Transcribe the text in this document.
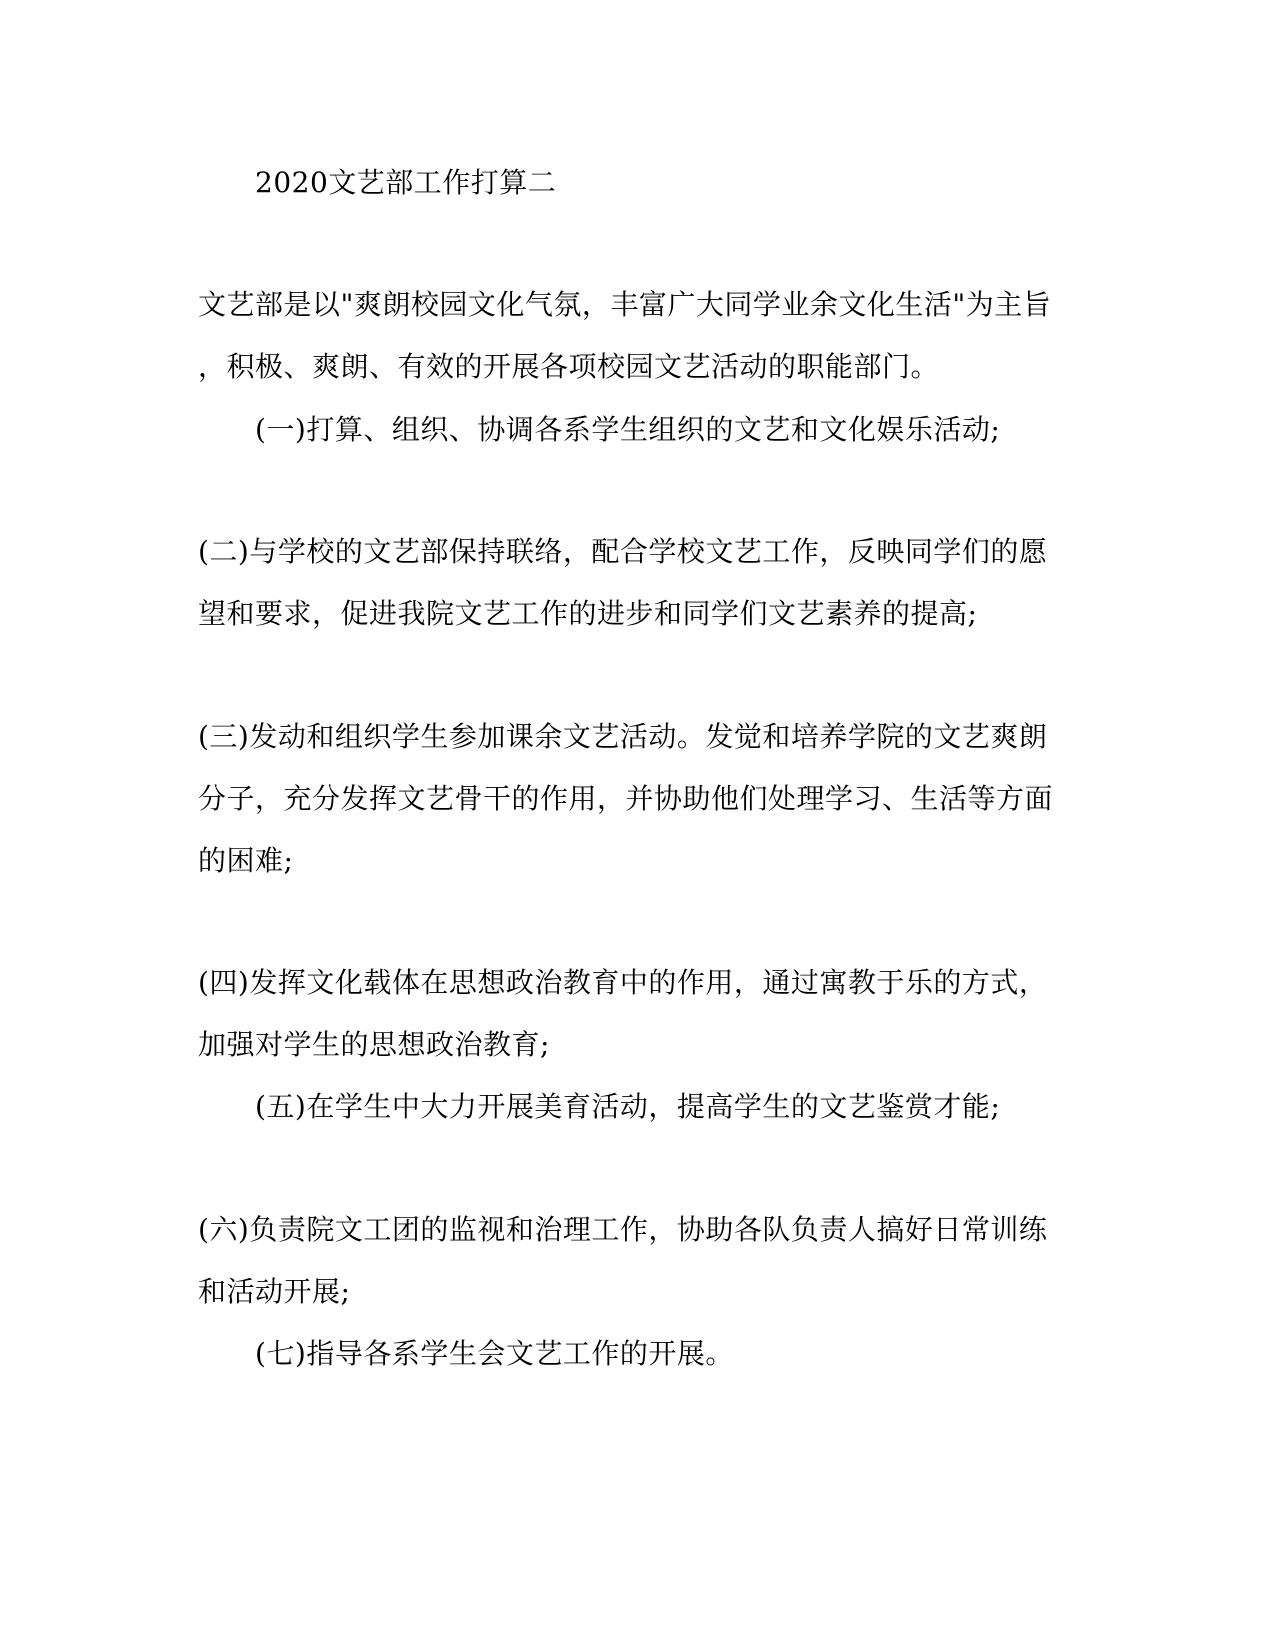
2020文艺部工作打算二
文艺部是以"爽朗校园文化气氛，丰富广大同学业余文化生活"为主旨
，积极、爽朗、有效的开展各项校园文艺活动的职能部门。
(一)打算、组织、协调各系学生组织的文艺和文化娱乐活动;
(二)与学校的文艺部保持联络，配合学校文艺工作，反映同学们的愿
望和要求，促进我院文艺工作的进步和同学们文艺素养的提高;
(三)发动和组织学生参加课余文艺活动。发觉和培养学院的文艺爽朗
分子，充分发挥文艺骨干的作用，并协助他们处理学习、生活等方面
的困难;
(四)发挥文化载体在思想政治教育中的作用，通过寓教于乐的方式，
加强对学生的思想政治教育;
(五)在学生中大力开展美育活动，提高学生的文艺鉴赏才能;
(六)负责院文工团的监视和治理工作，协助各队负责人搞好日常训练
和活动开展;
(七)指导各系学生会文艺工作的开展。
